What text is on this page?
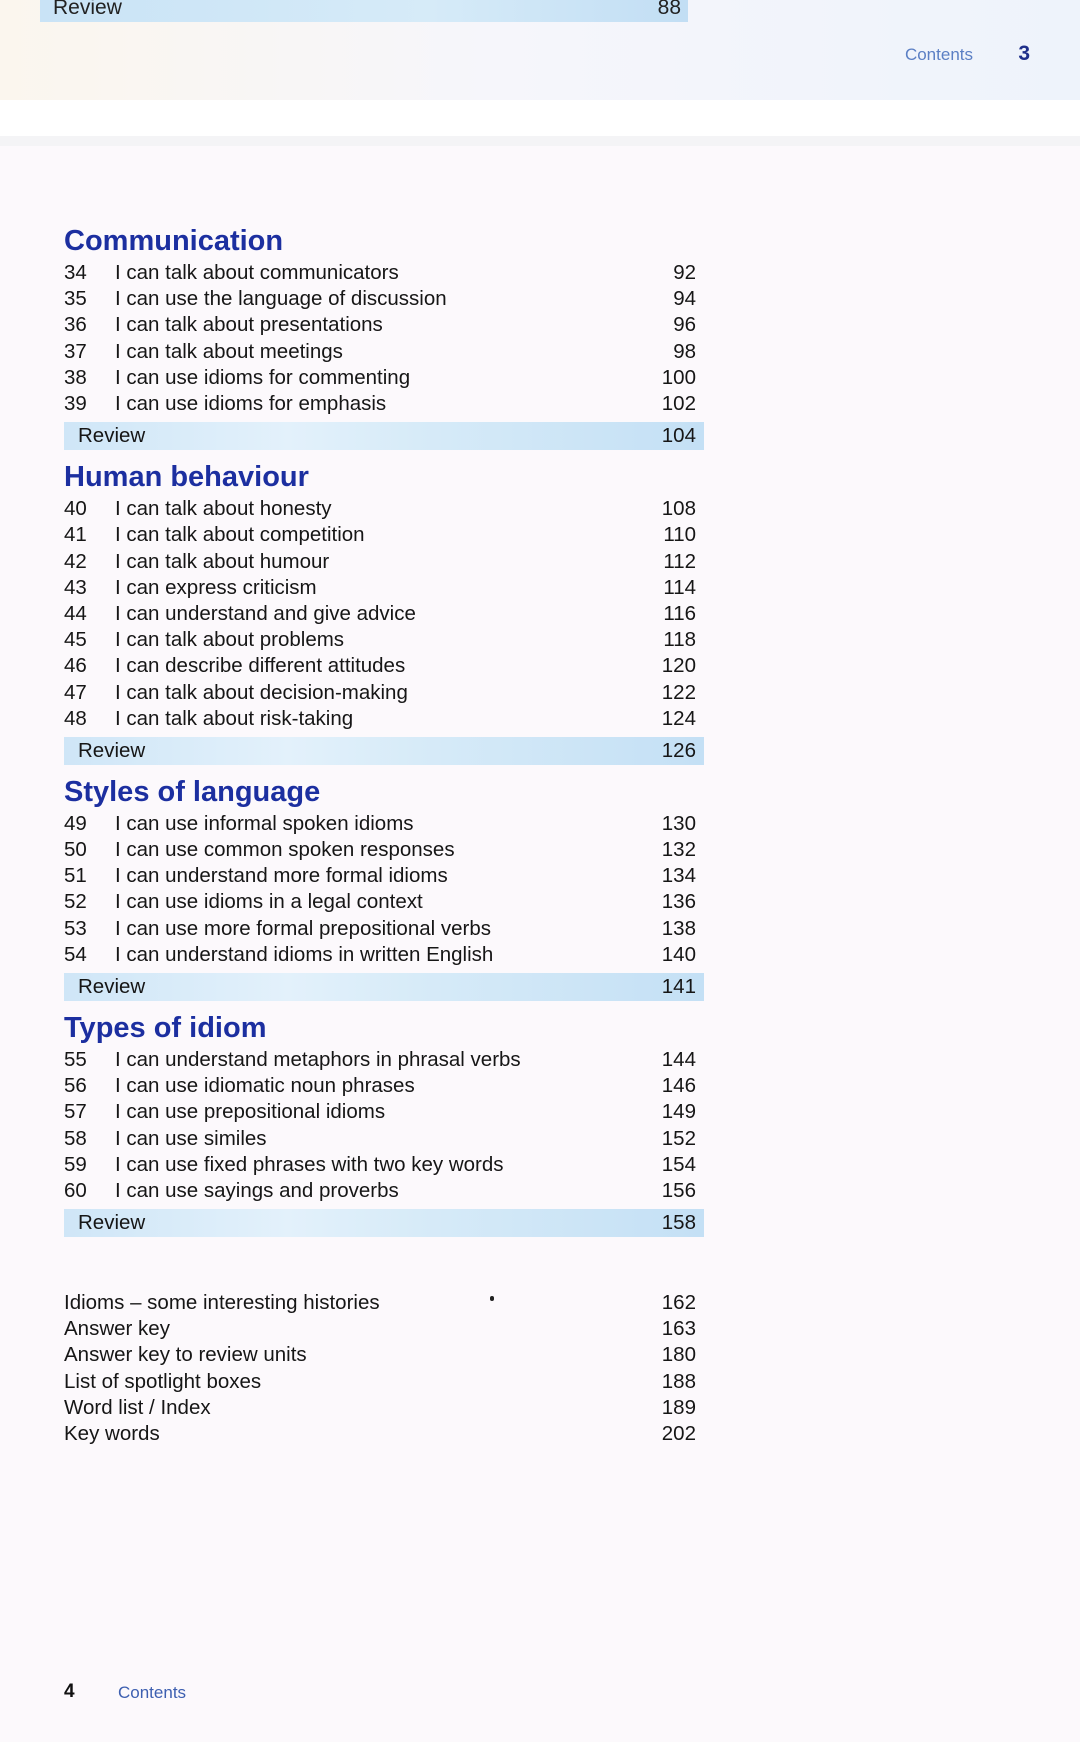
Review	88
Contents 3
Communication
34	I can talk about communicators	92
35	I can use the language of discussion	94
36	I can talk about presentations	96
37	I can talk about meetings	98
38	I can use idioms for commenting	100
39	I can use idioms for emphasis	102
Review	104
Human behaviour
40	I can talk about honesty	108
41	I can talk about competition	110
42	I can talk about humour	112
43	I can express criticism	114
44	I can understand and give advice	116
45	I can talk about problems	118
46	I can describe different attitudes	120
47	I can talk about decision-making	122
48	I can talk about risk-taking	124
Review	126
Styles of language
49	I can use informal spoken idioms	130
50	I can use common spoken responses	132
51	I can understand more formal idioms	134
52	I can use idioms in a legal context	136
53	I can use more formal prepositional verbs	138
54	I can understand idioms in written English	140
Review	141
Types of idiom
55	I can understand metaphors in phrasal verbs	144
56	I can use idiomatic noun phrases	146
57	I can use prepositional idioms	149
58	I can use similes	152
59	I can use fixed phrases with two key words	154
60	I can use sayings and proverbs	156
Review	158
Idioms – some interesting histories	162
Answer key	163
Answer key to review units	180
List of spotlight boxes	188
Word list / Index	189
Key words	202
4	Contents
